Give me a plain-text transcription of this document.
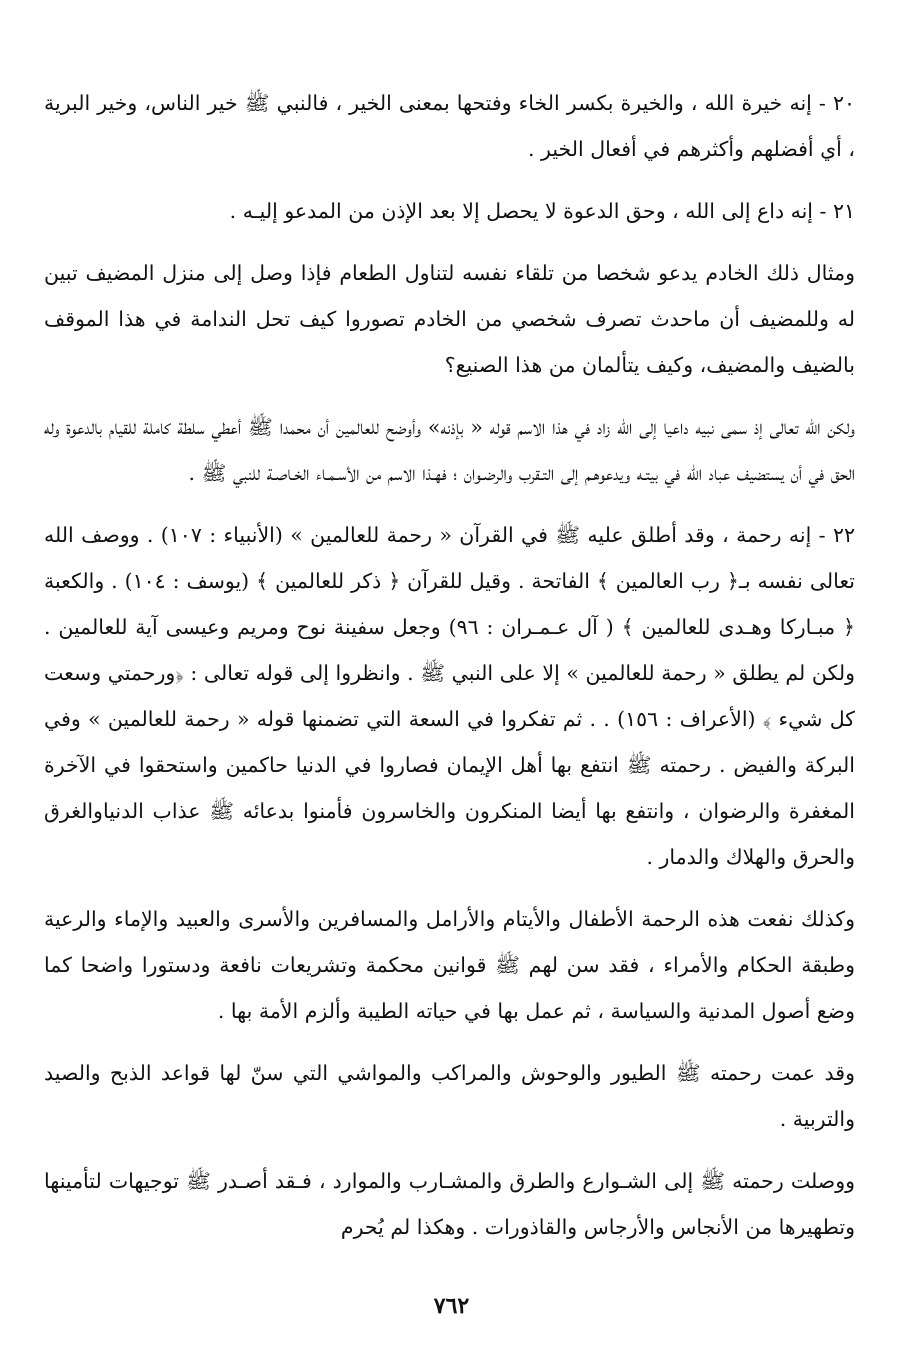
٢٠ - إنه خيرة الله ، والخيرة بكسر الخاء وفتحها بمعنى الخير ، فالنبي ﷺ خير الناس، وخير البرية ، أي أفضلهم وأكثرهم في أفعال الخير .

٢١ - إنه داع إلى الله ، وحق الدعوة لا يحصل إلا بعد الإذن من المدعو إليـه .

ومثال ذلك الخادم يدعو شخصا من تلقاء نفسه لتناول الطعام فإذا وصل إلى منزل المضيف تبين له وللمضيف أن ماحدث تصرف شخصي من الخادم تصوروا كيف تحل الندامة في هذا الموقف بالضيف والمضيف، وكيف يتألمان من هذا الصنيع؟

ولكن الله تعالى إذ سمى نبيه داعيا إلى الله زاد في هذا الاسم قوله « بإذنه» وأوضح للعالمين أن محمدا ﷺ أعطي سلطة كاملة للقيام بالدعوة وله الحق في أن يستضيف عباد الله في بيتـه ويدعوهـم إلى التـقرب والرضـوان ؛ فهـذا الاسم من الأسـمـاء الخـاصـة للنبي ﷺ .

٢٢ - إنه رحمة ، وقد أطلق عليه ﷺ في القرآن « رحمة للعالمين » (الأنبياء : ١٠٧) . ووصف الله تعالى نفسه بـ﴿ رب العالمين ﴾ الفاتحة . وقيل للقرآن ﴿ ذكر للعالمين ﴾ (يوسف : ١٠٤) . والكعبة ﴿ مبـاركا وهـدى للعالمين ﴾ ( آل عـمـران : ٩٦) وجعل سفينة نوح ومريم وعيسى آية للعالمين . ولكن لم يطلق « رحمة للعالمين » إلا على النبي ﷺ . وانظروا إلى قوله تعالى : ﴿ورحمتي وسعت كل شيء ﴾ (الأعراف : ١٥٦) . . ثم تفكروا في السعة التي تضمنها قوله « رحمة للعالمين » وفي البركة والفيض . رحمته ﷺ انتفع بها أهل الإيمان فصاروا في الدنيا حاكمين واستحقوا في الآخرة المغفرة والرضوان ، وانتفع بها أيضا المنكرون والخاسرون فأمنوا بدعائه ﷺ عذاب الدنياوالغرق والحرق والهلاك والدمار .

وكذلك نفعت هذه الرحمة الأطفال والأيتام والأرامل والمسافرين والأسرى والعبيد والإماء والرعية وطبقة الحكام والأمراء ، فقد سن لهم ﷺ قوانين محكمة وتشريعات نافعة ودستورا واضحا كما وضع أصول المدنية والسياسة ، ثم عمل بها في حياته الطيبة وألزم الأمة بها .

وقد عمت رحمته ﷺ الطيور والوحوش والمراكب والمواشي التي سنّ لها قواعد الذبح والصيد والتربية .

ووصلت رحمته ﷺ إلى الشـوارع والطرق والمشـارب والموارد ، فـقد أصـدر ﷺ توجيهات لتأمينها وتطهيرها من الأنجاس والأرجاس والقاذورات . وهكذا لم يُحرم

٧٦٢
